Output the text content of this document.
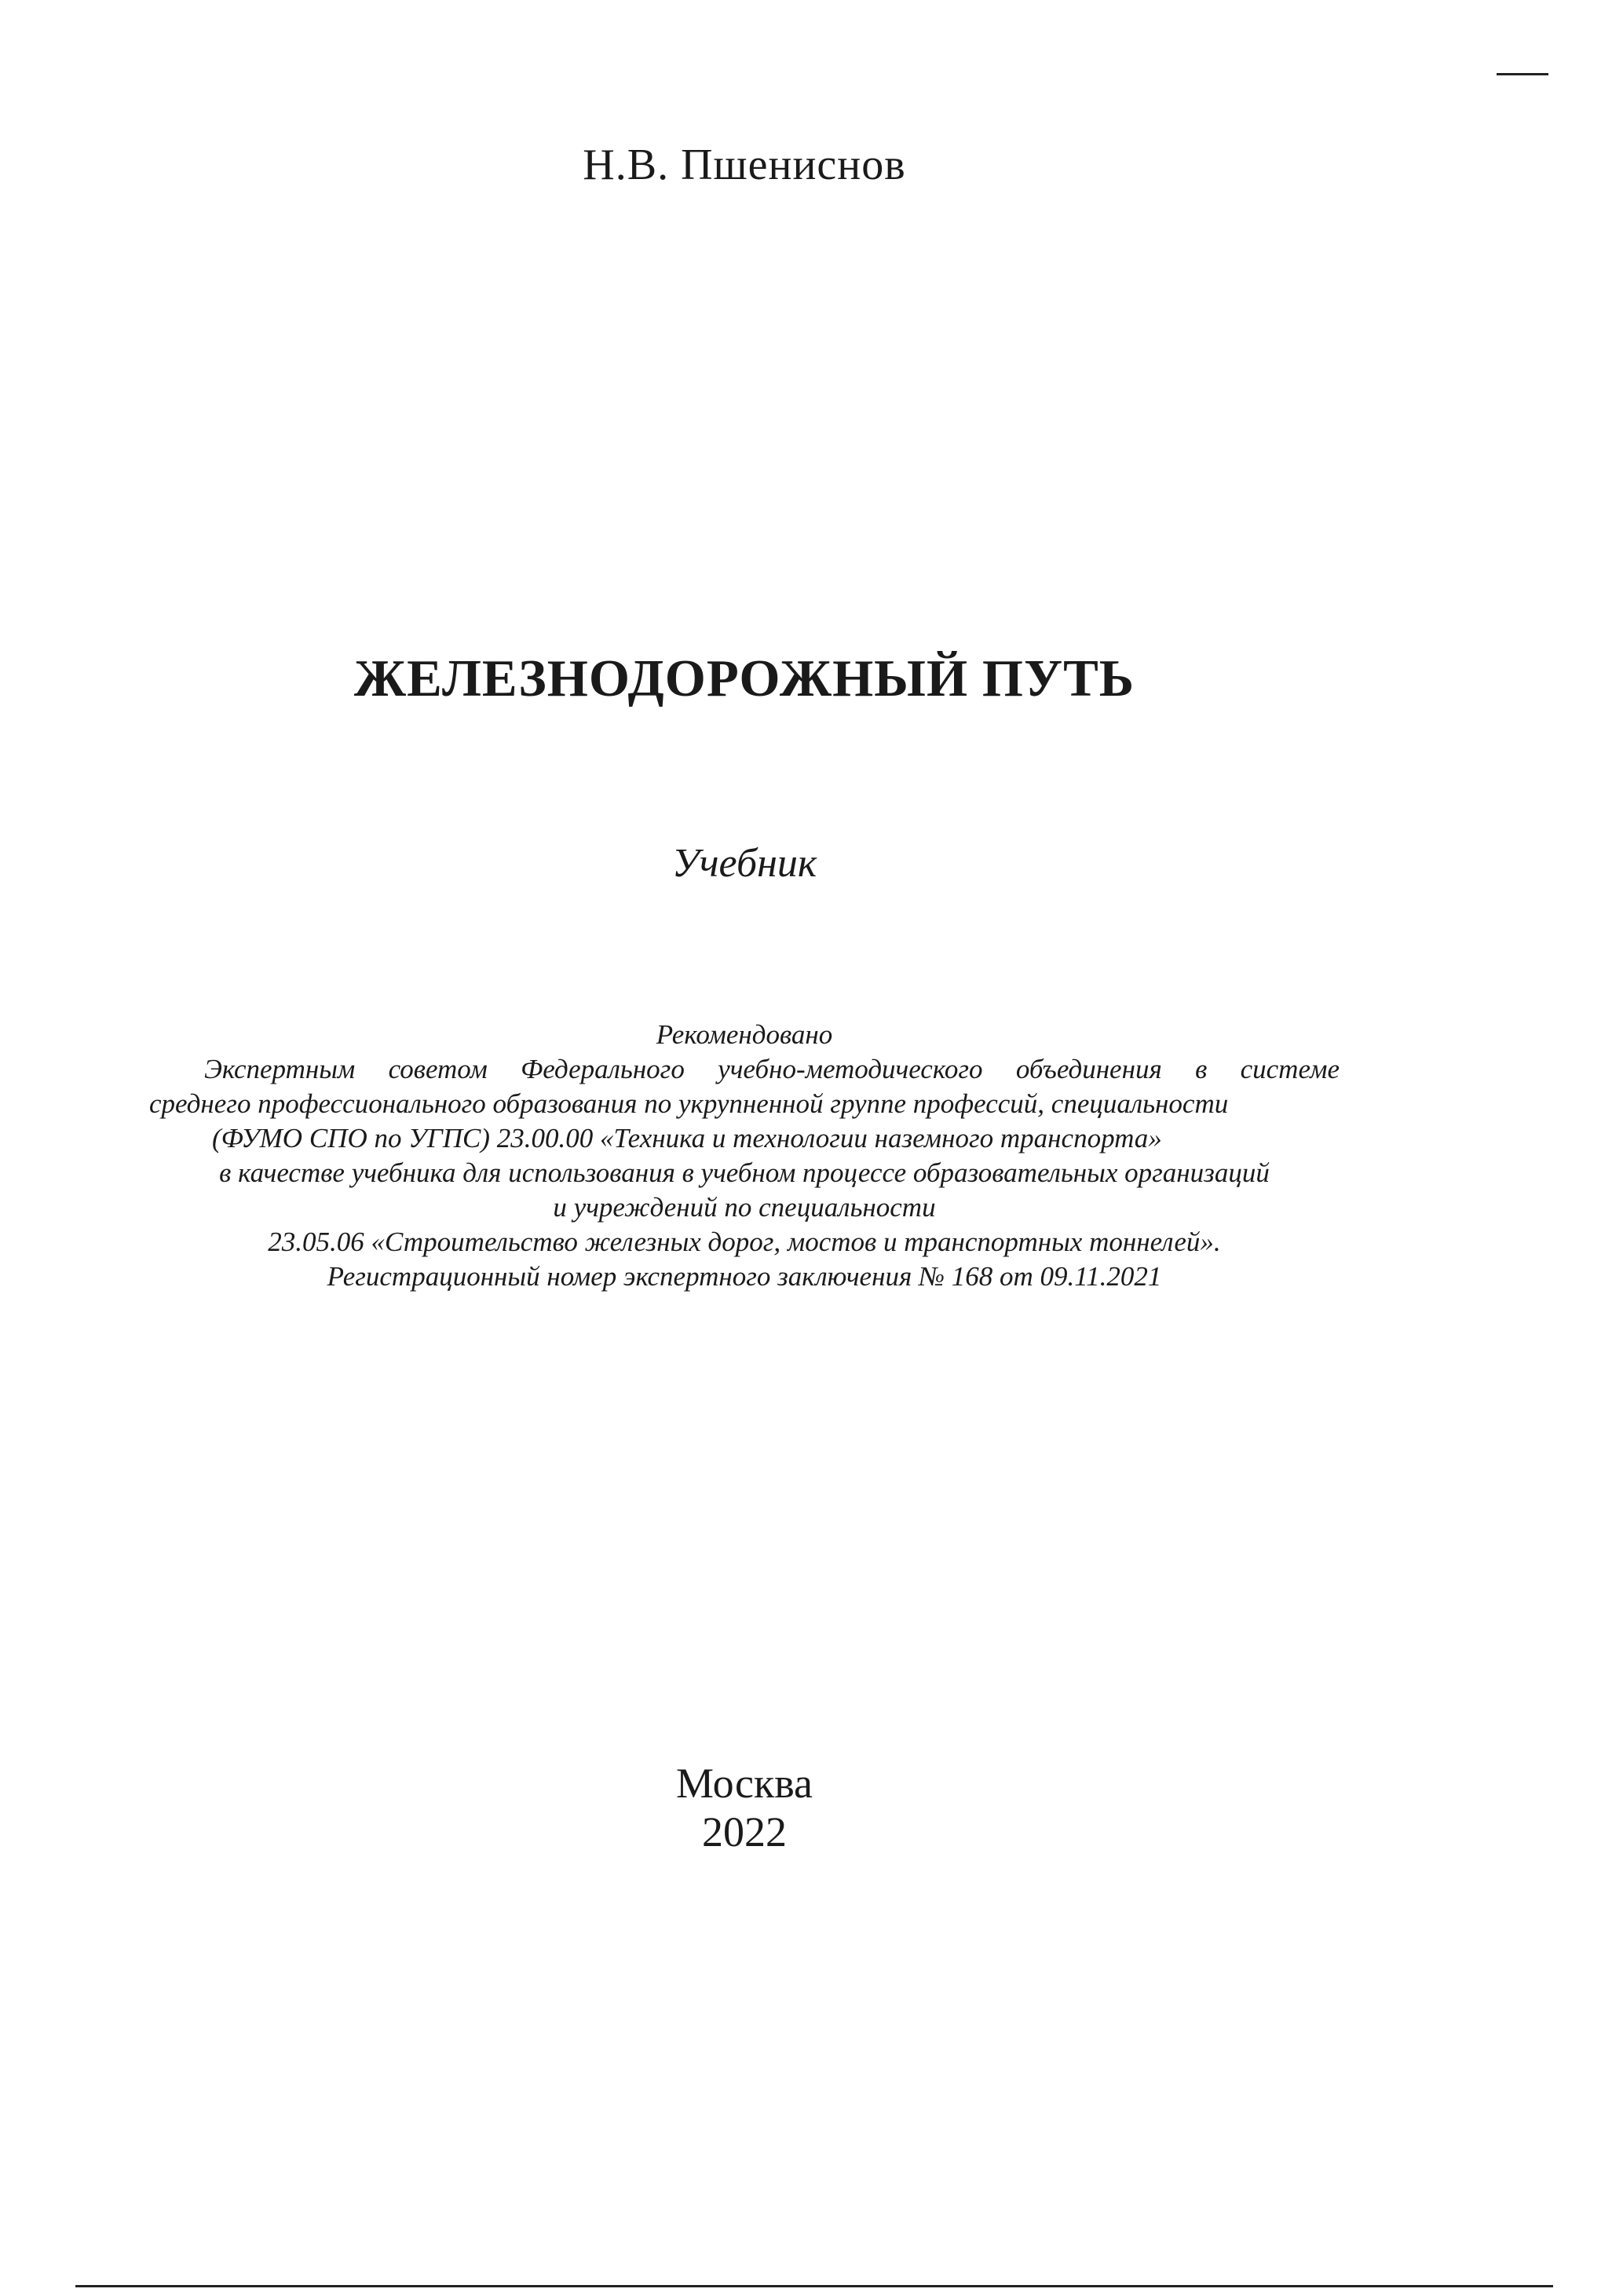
Н.В. Пшениснов
ЖЕЛЕЗНОДОРОЖНЫЙ ПУТЬ
Учебник
Рекомендовано
Экспертным советом Федерального учебно-методического объединения в системе
среднего профессионального образования по укрупненной группе профессий, специальности
(ФУМО СПО по УГПС) 23.00.00 «Техника и технологии наземного транспорта»
в качестве учебника для использования в учебном процессе образовательных организаций
и учреждений по специальности
23.05.06 «Строительство железных дорог, мостов и транспортных тоннелей».
Регистрационный номер экспертного заключения № 168 от 09.11.2021
Москва
2022
